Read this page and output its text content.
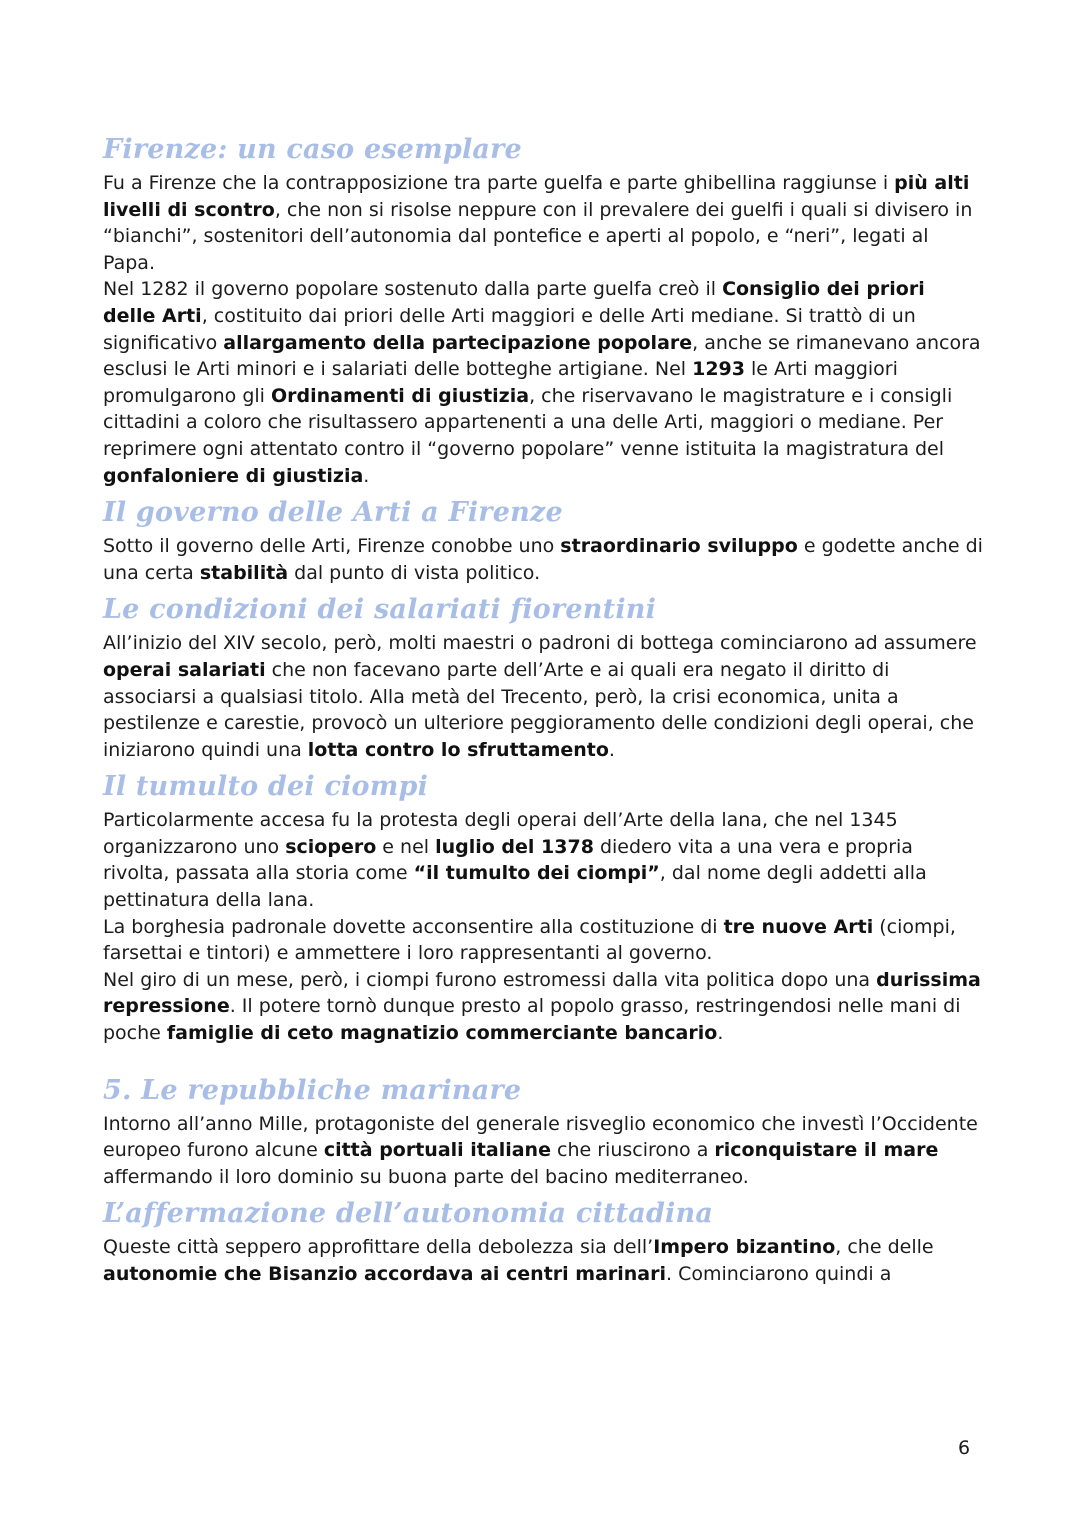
Firenze: un caso esemplare

Fu a Firenze che la contrapposizione tra parte guelfa e parte ghibellina raggiunse i più alti livelli di scontro, che non si risolse neppure con il prevalere dei guelfi i quali si divisero in “bianchi”, sostenitori dell’autonomia dal pontefice e aperti al popolo, e “neri”, legati al Papa.

Nel 1282 il governo popolare sostenuto dalla parte guelfa creò il Consiglio dei priori delle Arti, costituito dai priori delle Arti maggiori e delle Arti mediane. Si trattò di un significativo allargamento della partecipazione popolare, anche se rimanevano ancora esclusi le Arti minori e i salariati delle botteghe artigiane. Nel 1293 le Arti maggiori promulgarono gli Ordinamenti di giustizia, che riservavano le magistrature e i consigli cittadini a coloro che risultassero appartenenti a una delle Arti, maggiori o mediane. Per reprimere ogni attentato contro il “governo popolare” venne istituita la magistratura del gonfaloniere di giustizia.

Il governo delle Arti a Firenze

Sotto il governo delle Arti, Firenze conobbe uno straordinario sviluppo e godette anche di una certa stabilità dal punto di vista politico.

Le condizioni dei salariati fiorentini

All’inizio del XIV secolo, però, molti maestri o padroni di bottega cominciarono ad assumere operai salariati che non facevano parte dell’Arte e ai quali era negato il diritto di associarsi a qualsiasi titolo. Alla metà del Trecento, però, la crisi economica, unita a pestilenze e carestie, provocò un ulteriore peggioramento delle condizioni degli operai, che iniziarono quindi una lotta contro lo sfruttamento.

Il tumulto dei ciompi

Particolarmente accesa fu la protesta degli operai dell’Arte della lana, che nel 1345 organizzarono uno sciopero e nel luglio del 1378 diedero vita a una vera e propria rivolta, passata alla storia come “il tumulto dei ciompi”, dal nome degli addetti alla pettinatura della lana.

La borghesia padronale dovette acconsentire alla costituzione di tre nuove Arti (ciompi, farsettai e tintori) e ammettere i loro rappresentanti al governo.

Nel giro di un mese, però, i ciompi furono estromessi dalla vita politica dopo una durissima repressione. Il potere tornò dunque presto al popolo grasso, restringendosi nelle mani di poche famiglie di ceto magnatizio commerciante bancario.

5. Le repubbliche marinare

Intorno all’anno Mille, protagoniste del generale risveglio economico che investì l’Occidente europeo furono alcune città portuali italiane che riuscirono a riconquistare il mare affermando il loro dominio su buona parte del bacino mediterraneo.

L’affermazione dell’autonomia cittadina

Queste città seppero approfittare della debolezza sia dell’Impero bizantino, che delle autonomie che Bisanzio accordava ai centri marinari. Cominciarono quindi a

6
